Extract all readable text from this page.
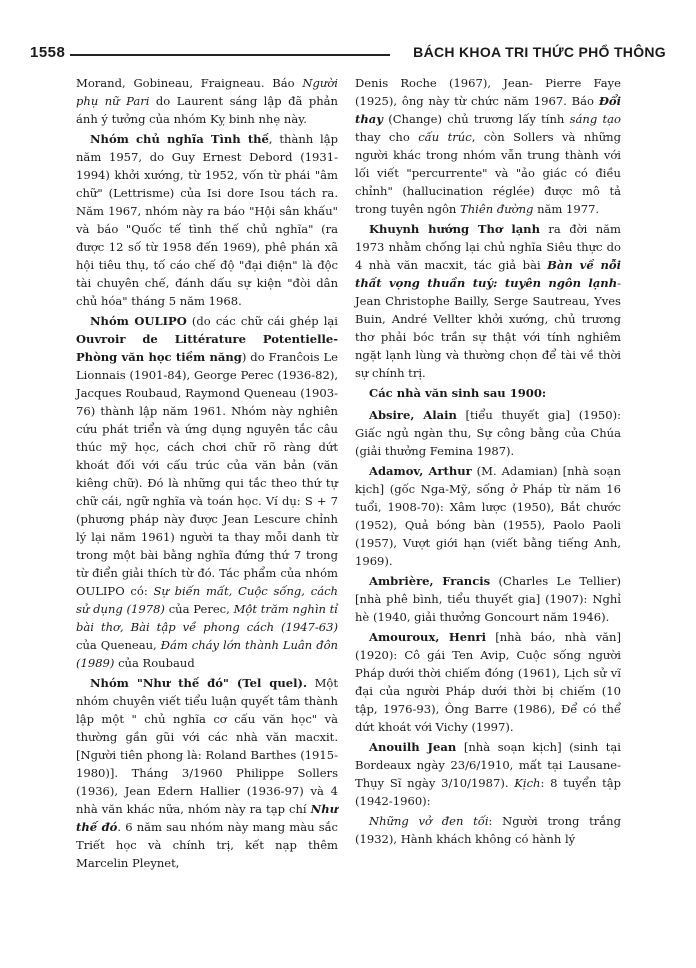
1558	BÁCH KHOA TRI THỨC PHỔ THÔNG

Morand, Gobineau, Fraigneau. Báo Người phụ nữ Pari do Laurent sáng lập đã phản ánh ý tưởng của nhóm Kỵ binh nhẹ này.

Nhóm chủ nghĩa Tình thế, thành lập năm 1957, do Guy Ernest Debord (1931-1994) khởi xướng, từ 1952, vốn từ phái "âm chữ" (Lettrisme) của Isi dore Isou tách ra. Năm 1967, nhóm này ra báo "Hội sân khấu" và báo "Quốc tế tình thế chủ nghĩa" (ra được 12 số từ 1958 đến 1969), phê phán xã hội tiêu thụ, tố cáo chế độ "đại điện" là độc tài chuyên chế, đánh dấu sự kiện "đòi dân chủ hóa" tháng 5 năm 1968.

Nhóm OULIPO (do các chữ cái ghép lại Ouvroir de Littérature Potentielle- Phòng văn học tiềm năng) do Franĉois Le Lionnais (1901-84), George Perec (1936-82), Jacques Roubaud, Raymond Queneau (1903-76) thành lập năm 1961. Nhóm này nghiên cứu phát triển và ứng dụng nguyên tắc câu thúc mỹ học, cách chơi chữ rõ ràng dứt khoát đối với cấu trúc của văn bản (văn kiêng chữ). Đó là những qui tắc theo thứ tự chữ cái, ngữ nghĩa và toán học. Ví dụ: S + 7 (phương pháp này được Jean Lescure chỉnh lý lại năm 1961) người ta thay mỗi danh từ trong một bài bằng nghĩa đứng thứ 7 trong từ điển giải thích từ đó. Tác phẩm của nhóm OULIPO có: Sự biến mất, Cuộc sống, cách sử dụng (1978) của Perec, Một trăm nghìn tỉ bài thơ, Bài tập về phong cách (1947-63) của Queneau, Đám cháy lớn thành Luân đôn (1989) của Roubaud

Nhóm "Như thế đó" (Tel quel). Một nhóm chuyên viết tiểu luận quyết tâm thành lập một " chủ nghĩa cơ cấu văn học" và thường gần gũi với các nhà văn macxit. [Người tiên phong là: Roland Barthes (1915-1980)]. Tháng 3/1960 Philippe Sollers (1936), Jean Edern Hallier (1936-97) và 4 nhà văn khác nữa, nhóm này ra tạp chí Như thế đó. 6 năm sau nhóm này mang màu sắc Triết học và chính trị, kết nạp thêm Marcelin Pleynet,

Denis Roche (1967), Jean- Pierre Faye (1925), ông này từ chức năm 1967. Báo Đổi thay (Change) chủ trương lấy tính sáng tạo thay cho cấu trúc, còn Sollers và những người khác trong nhóm vẫn trung thành với lối viết "percurrente" và "ảo giác có điều chỉnh" (hallucination réglée) được mô tả trong tuyên ngôn Thiên đường năm 1977.

Khuynh hướng Thơ lạnh ra đời năm 1973 nhằm chống lại chủ nghĩa Siêu thực do 4 nhà văn macxit, tác giả bài Bàn về nỗi thất vọng thuần tuý: tuyên ngôn lạnh- Jean Christophe Bailly, Serge Sautreau, Yves Buin, André Vellter khởi xướng, chủ trương thơ phải bóc trần sự thật với tính nghiêm ngặt lạnh lùng và thường chọn để tài về thời sự chính trị.

Các nhà văn sinh sau 1900:

Absire, Alain [tiểu thuyết gia] (1950): Giấc ngủ ngàn thu, Sự công bằng của Chúa (giải thưởng Femina 1987).

Adamov, Arthur (M. Adamian) [nhà soạn kịch] (gốc Nga-Mỹ, sống ở Pháp từ năm 16 tuổi, 1908-70): Xâm lược (1950), Bắt chước (1952), Quả bóng bàn (1955), Paolo Paoli (1957), Vượt giới hạn (viết bằng tiếng Anh, 1969).

Ambrière, Francis (Charles Le Tellier) [nhà phê bình, tiểu thuyết gia] (1907): Nghỉ hè (1940, giải thưởng Goncourt năm 1946).

Amouroux, Henri [nhà báo, nhà văn] (1920): Cô gái Ten Avip, Cuộc sống người Pháp dưới thời chiếm đóng (1961), Lịch sử vĩ đại của người Pháp dưới thời bị chiếm (10 tập, 1976-93), Ông Barre (1986), Để có thể dứt khoát với Vichy (1997).

Anouilh Jean [nhà soạn kịch] (sinh tại Bordeaux ngày 23/6/1910, mất tại Lausane- Thụy Sĩ ngày 3/10/1987). Kịch: 8 tuyển tập (1942-1960):

Những vở đen tối: Người trong trắng (1932), Hành khách không có hành lý
